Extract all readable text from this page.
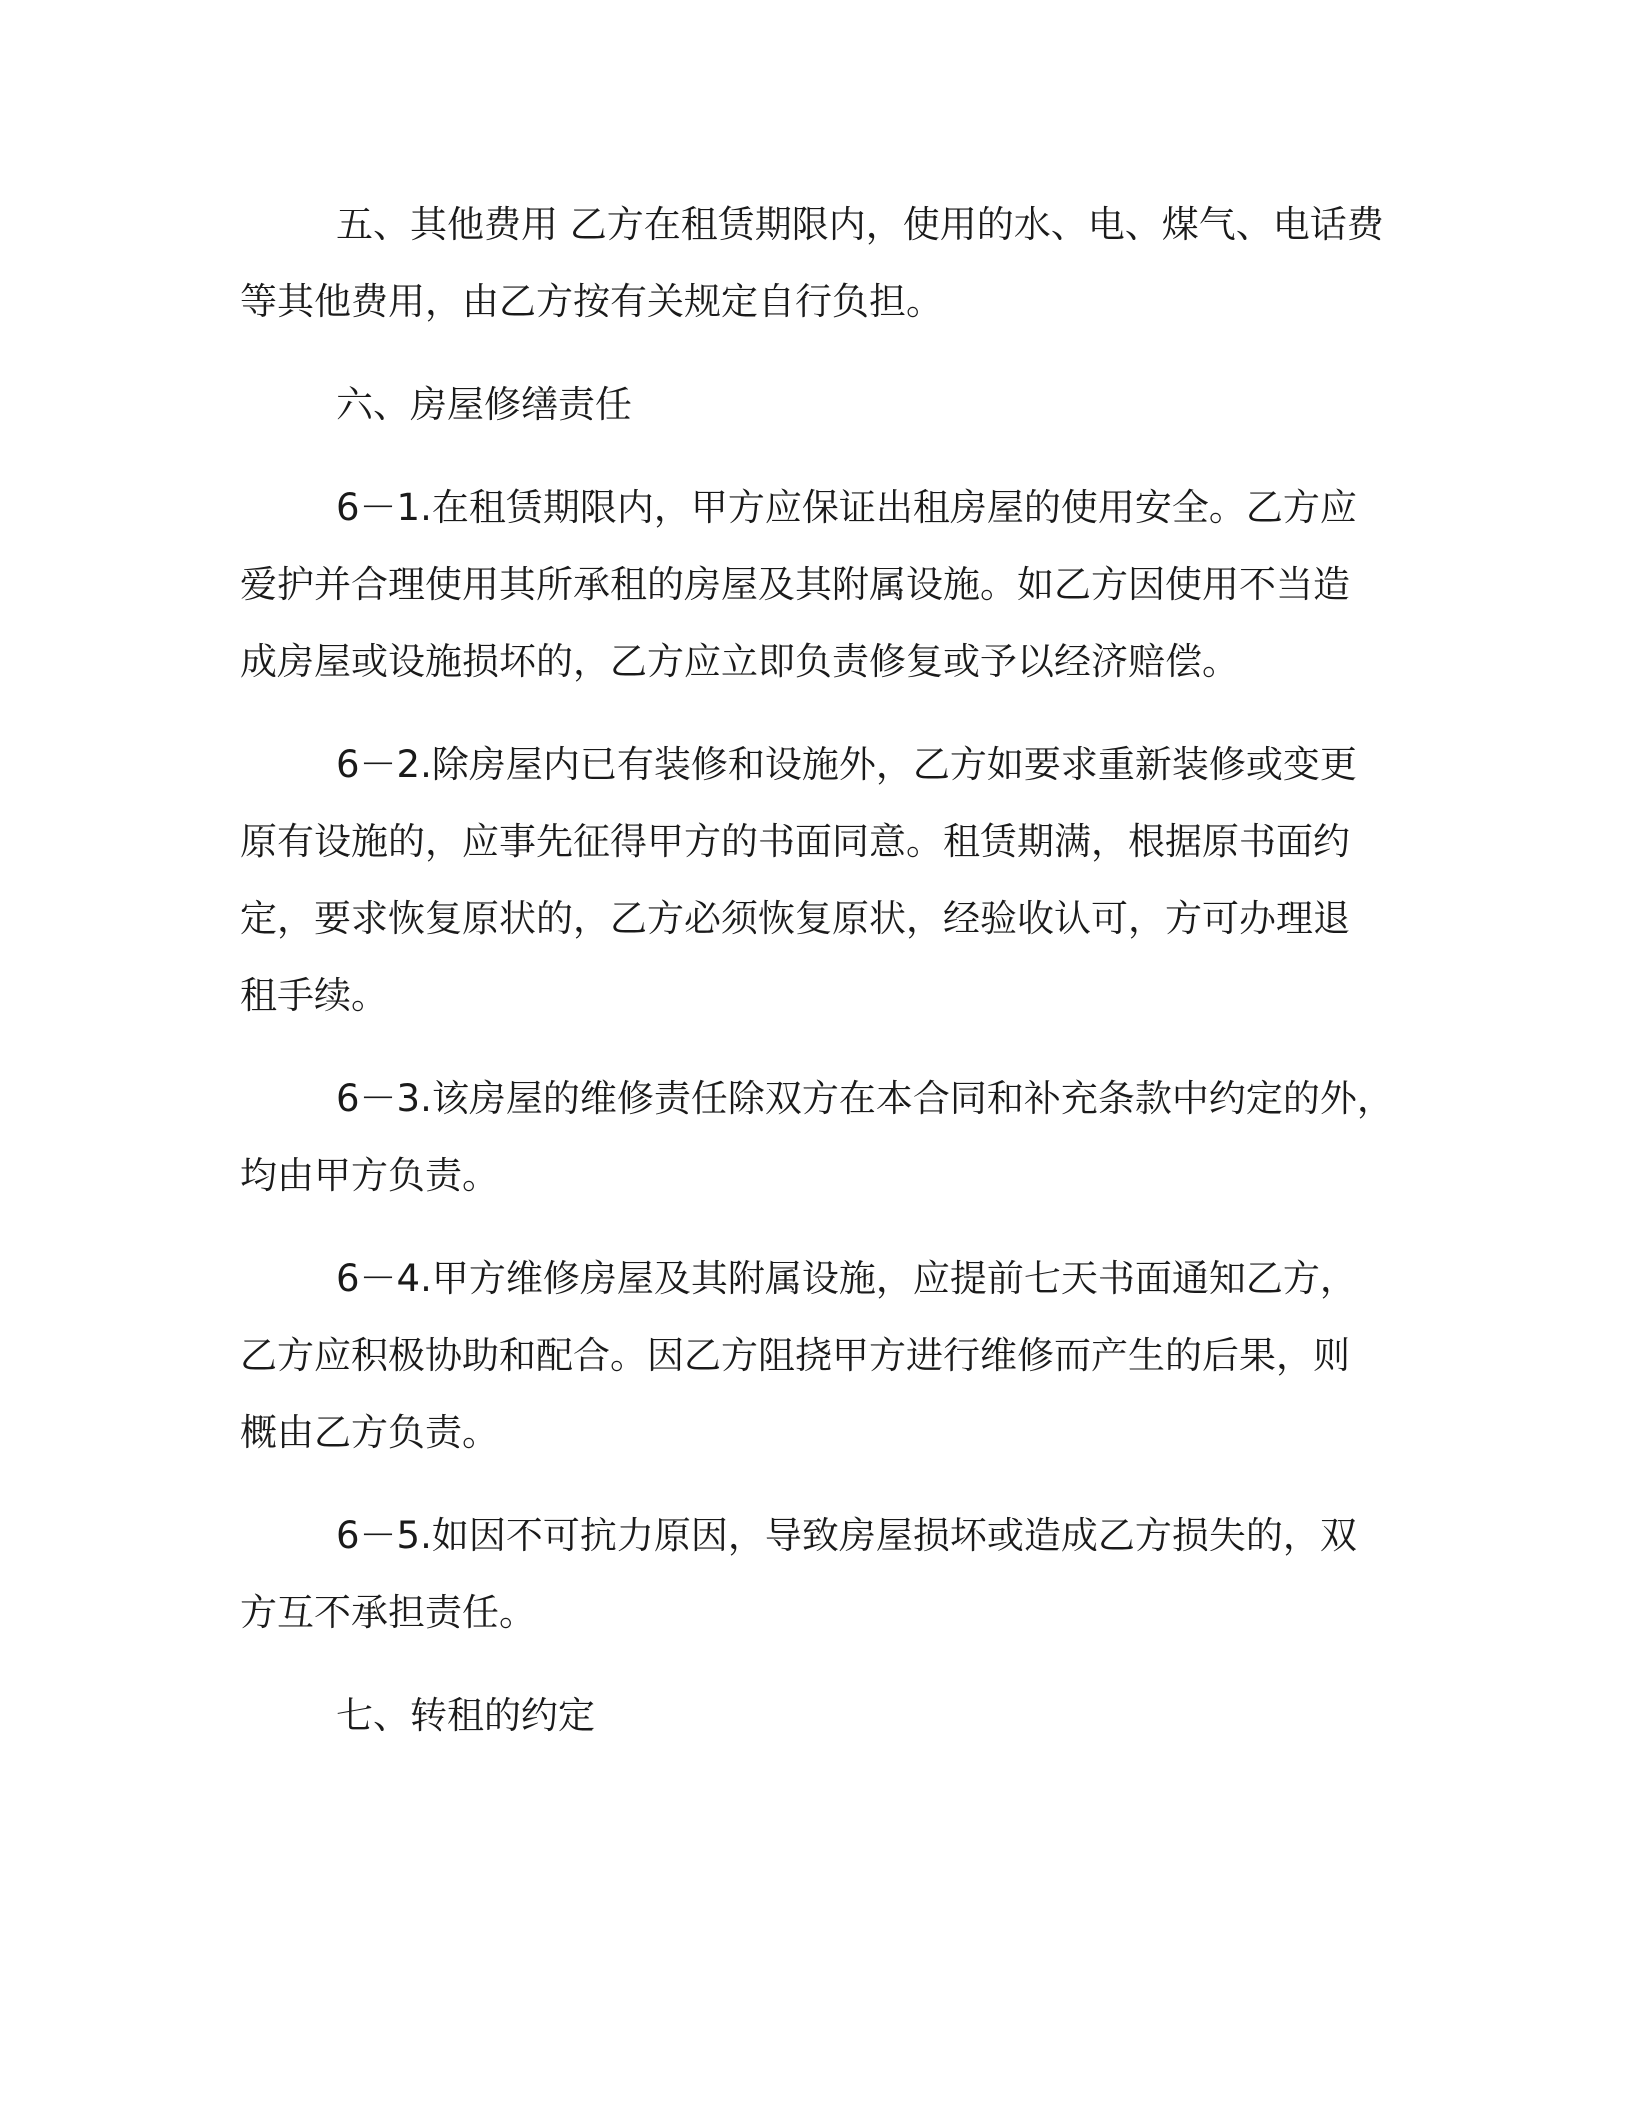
五、其他费用 乙方在租赁期限内，使用的水、电、煤气、电话费
等其他费用，由乙方按有关规定自行负担。
六、房屋修缮责任
6－1.在租赁期限内，甲方应保证出租房屋的使用安全。乙方应
爱护并合理使用其所承租的房屋及其附属设施。如乙方因使用不当造
成房屋或设施损坏的，乙方应立即负责修复或予以经济赔偿。
6－2.除房屋内已有装修和设施外，乙方如要求重新装修或变更
原有设施的，应事先征得甲方的书面同意。租赁期满，根据原书面约
定，要求恢复原状的，乙方必须恢复原状，经验收认可，方可办理退
租手续。
6－3.该房屋的维修责任除双方在本合同和补充条款中约定的外，
均由甲方负责。
6－4.甲方维修房屋及其附属设施，应提前七天书面通知乙方，
乙方应积极协助和配合。因乙方阻挠甲方进行维修而产生的后果，则
概由乙方负责。
6－5.如因不可抗力原因，导致房屋损坏或造成乙方损失的，双
方互不承担责任。
七、转租的约定
